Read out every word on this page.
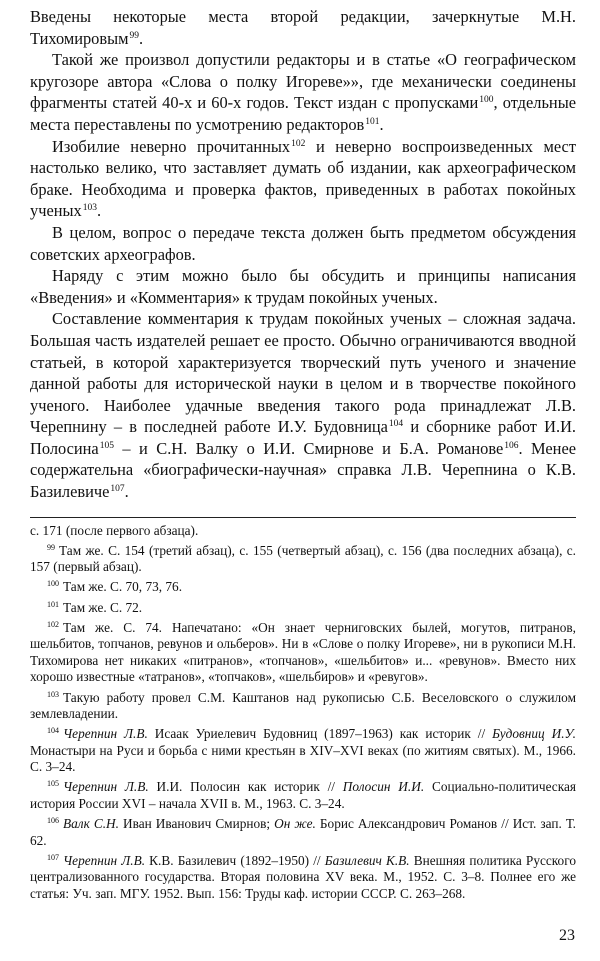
Введены некоторые места второй редакции, зачеркнутые М.Н. Тихомировым$^{99}$.

Такой же произвол допустили редакторы и в статье «О географическом кругозоре автора «Слова о полку Игореве»», где механически соединены фрагменты статей 40-х и 60-х годов. Текст издан с пропусками$^{100}$, отдельные места переставлены по усмотрению редакторов$^{101}$.

Изобилие неверно прочитанных$^{102}$ и неверно воспроизведенных мест настолько велико, что заставляет думать об издании, как археографическом браке. Необходима и проверка фактов, приведенных в работах покойных ученых$^{103}$.

В целом, вопрос о передаче текста должен быть предметом обсуждения советских археографов.

Наряду с этим можно было бы обсудить и принципы написания «Введения» и «Комментария» к трудам покойных ученых.

Составление комментария к трудам покойных ученых – сложная задача. Большая часть издателей решает ее просто. Обычно ограничиваются вводной статьей, в которой характеризуется творческий путь ученого и значение данной работы для исторической науки в целом и в творчестве покойного ученого. Наиболее удачные введения такого рода принадлежат Л.В. Черепнину – в последней работе И.У. Будовница$^{104}$ и сборнике работ И.И. Полосина$^{105}$ – и С.Н. Валку о И.И. Смирнове и Б.А. Романове$^{106}$. Менее содержательна «биографически-научная» справка Л.В. Черепнина о К.В. Базилевиче$^{107}$.

с. 171 (после первого абзаца).

$^{99}$ Там же. С. 154 (третий абзац), с. 155 (четвертый абзац), с. 156 (два последних абзаца), с. 157 (первый абзац).

$^{100}$ Там же. С. 70, 73, 76.

$^{101}$ Там же. С. 72.

$^{102}$ Там же. С. 74. Напечатано: «Он знает черниговских былей, могутов, питранов, шельбитов, топчанов, ревунов и ольберов». Ни в «Слове о полку Игореве», ни в рукописи М.Н. Тихомирова нет никаких «питранов», «топчанов», «шельбитов» и... «ревунов». Вместо них хорошо известные «татранов», «топчаков», «шельбиров» и «ревугов».

$^{103}$ Такую работу провел С.М. Каштанов над рукописью С.Б. Веселовского о служилом землевладении.

$^{104}$ Черепнин Л.В. Исаак Уриелевич Будовниц (1897–1963) как историк // Будовниц И.У. Монастыри на Руси и борьба с ними крестьян в XIV–XVI веках (по житиям святых). М., 1966. С. 3–24.

$^{105}$ Черепнин Л.В. И.И. Полосин как историк // Полосин И.И. Социально-политическая история России XVI – начала XVII в. М., 1963. С. 3–24.

$^{106}$ Валк С.Н. Иван Иванович Смирнов; Он же. Борис Александрович Романов // Ист. зап. Т. 62.

$^{107}$ Черепнин Л.В. К.В. Базилевич (1892–1950) // Базилевич К.В. Внешняя политика Русского централизованного государства. Вторая половина XV века. М., 1952. С. 3–8. Полнее его же статья: Уч. зап. МГУ. 1952. Вып. 156: Труды каф. истории СССР. С. 263–268.

23
